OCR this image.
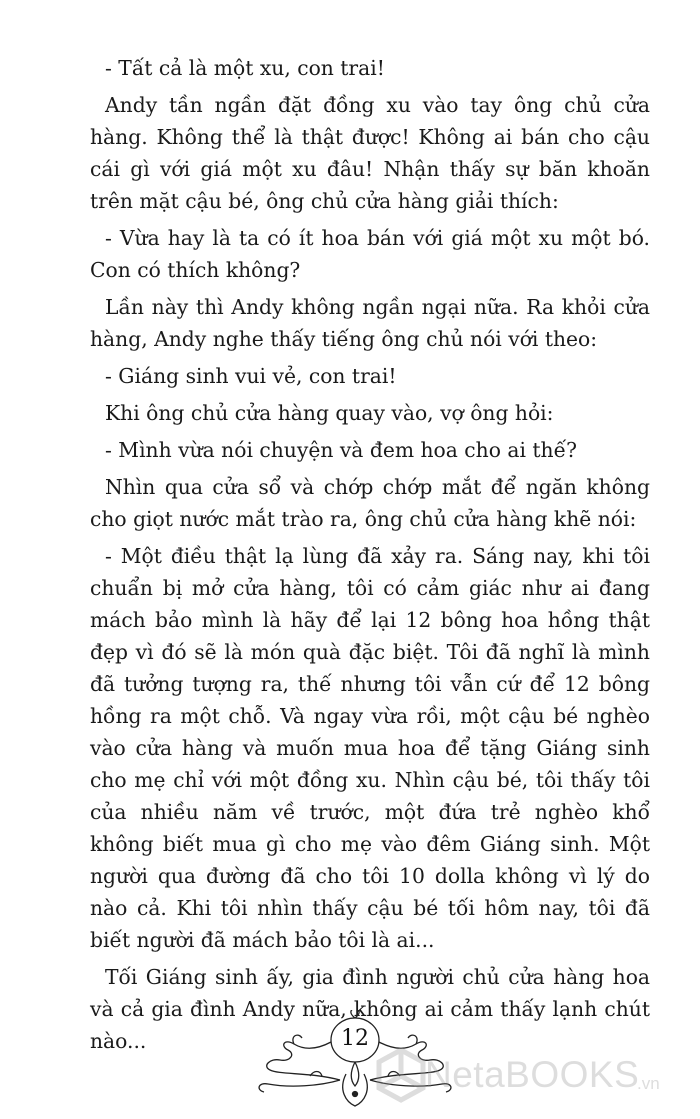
- Tất cả là một xu, con trai!

Andy tần ngần đặt đồng xu vào tay ông chủ cửa hàng. Không thể là thật được! Không ai bán cho cậu cái gì với giá một xu đâu! Nhận thấy sự băn khoăn trên mặt cậu bé, ông chủ cửa hàng giải thích:

- Vừa hay là ta có ít hoa bán với giá một xu một bó. Con có thích không?

Lần này thì Andy không ngần ngại nữa. Ra khỏi cửa hàng, Andy nghe thấy tiếng ông chủ nói với theo:

- Giáng sinh vui vẻ, con trai!

Khi ông chủ cửa hàng quay vào, vợ ông hỏi:

- Mình vừa nói chuyện và đem hoa cho ai thế?

Nhìn qua cửa sổ và chớp chớp mắt để ngăn không cho giọt nước mắt trào ra, ông chủ cửa hàng khẽ nói:

- Một điều thật lạ lùng đã xảy ra. Sáng nay, khi tôi chuẩn bị mở cửa hàng, tôi có cảm giác như ai đang mách bảo mình là hãy để lại 12 bông hoa hồng thật đẹp vì đó sẽ là món quà đặc biệt. Tôi đã nghĩ là mình đã tưởng tượng ra, thế nhưng tôi vẫn cứ để 12 bông hồng ra một chỗ. Và ngay vừa rồi, một cậu bé nghèo vào cửa hàng và muốn mua hoa để tặng Giáng sinh cho mẹ chỉ với một đồng xu. Nhìn cậu bé, tôi thấy tôi của nhiều năm về trước, một đứa trẻ nghèo khổ không biết mua gì cho mẹ vào đêm Giáng sinh. Một người qua đường đã cho tôi 10 dolla không vì lý do nào cả. Khi tôi nhìn thấy cậu bé tối hôm nay, tôi đã biết người đã mách bảo tôi là ai...

Tối Giáng sinh ấy, gia đình người chủ cửa hàng hoa và cả gia đình Andy nữa, không ai cảm thấy lạnh chút nào...	12
NetaBOOKS
.vn
